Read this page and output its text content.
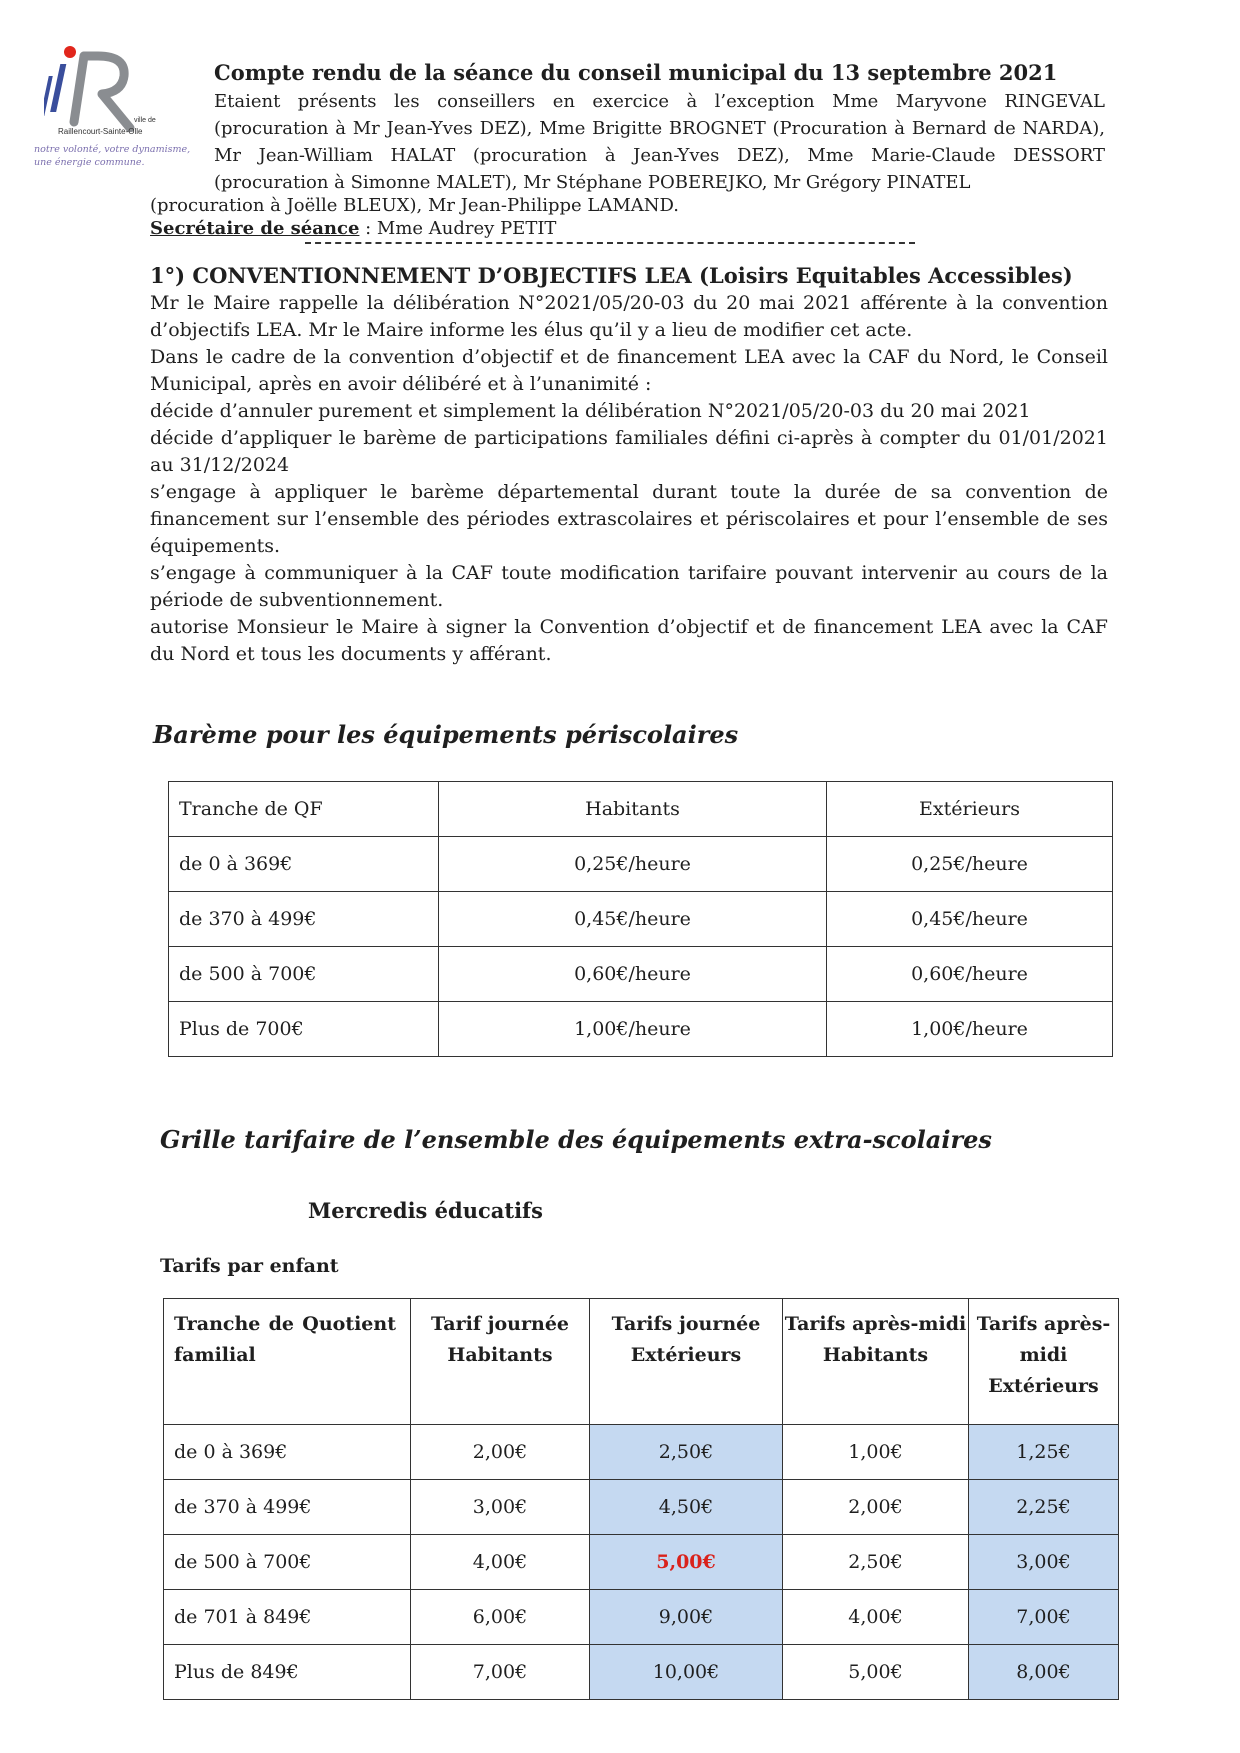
ville de
Raillencourt-Sainte-Olle
notre volonté, votre dynamisme, une énergie commune.
Compte rendu de la séance du conseil municipal du 13 septembre 2021

Etaient présents les conseillers en exercice à l’exception Mme Maryvone RINGEVAL (procuration à Mr Jean-Yves DEZ), Mme Brigitte BROGNET (Procuration à Bernard de NARDA), Mr Jean-William HALAT (procuration à Jean-Yves DEZ), Mme Marie-Claude DESSORT (procuration à Simonne MALET), Mr Stéphane POBEREJKO, Mr Grégory PINATEL

(procuration à Joëlle BLEUX), Mr Jean-Philippe LAMAND.

Secrétaire de séance : Mme Audrey PETIT

1°) CONVENTIONNEMENT D’OBJECTIFS LEA (Loisirs Equitables Accessibles)

Mr le Maire rappelle la délibération N°2021/05/20-03 du 20 mai 2021 afférente à la convention d’objectifs LEA. Mr le Maire informe les élus qu’il y a lieu de modifier cet acte.

Dans le cadre de la convention d’objectif et de financement LEA avec la CAF du Nord, le Conseil Municipal, après en avoir délibéré et à l’unanimité :

décide d’annuler purement et simplement la délibération N°2021/05/20-03 du 20 mai 2021

décide d’appliquer le barème de participations familiales défini ci-après à compter du 01/01/2021 au 31/12/2024

s’engage à appliquer le barème départemental durant toute la durée de sa convention de financement sur l’ensemble des périodes extrascolaires et périscolaires et pour l’ensemble de ses équipements.

s’engage à communiquer à la CAF toute modification tarifaire pouvant intervenir au cours de la période de subventionnement.

autorise Monsieur le Maire à signer la Convention d’objectif et de financement LEA avec la CAF du Nord et tous les documents y afférant.

Barème pour les équipements périscolaires
Tranche de QF	Habitants	Extérieurs
de 0 à 369€	0,25€/heure	0,25€/heure
de 370 à 499€	0,45€/heure	0,45€/heure
de 500 à 700€	0,60€/heure	0,60€/heure
Plus de 700€	1,00€/heure	1,00€/heure
Grille tarifaire de l’ensemble des équipements extra-scolaires
Mercredis éducatifs

Tarifs par enfant

Tranche de Quotient familial	Tarif journée Habitants	Tarifs journée Extérieurs	Tarifs après-midi Habitants	Tarifs après-midi Extérieurs
de 0 à 369€	2,00€	2,50€	1,00€	1,25€
de 370 à 499€	3,00€	4,50€	2,00€	2,25€
de 500 à 700€	4,00€	5,00€	2,50€	3,00€
de 701 à 849€	6,00€	9,00€	4,00€	7,00€
Plus de 849€	7,00€	10,00€	5,00€	8,00€
